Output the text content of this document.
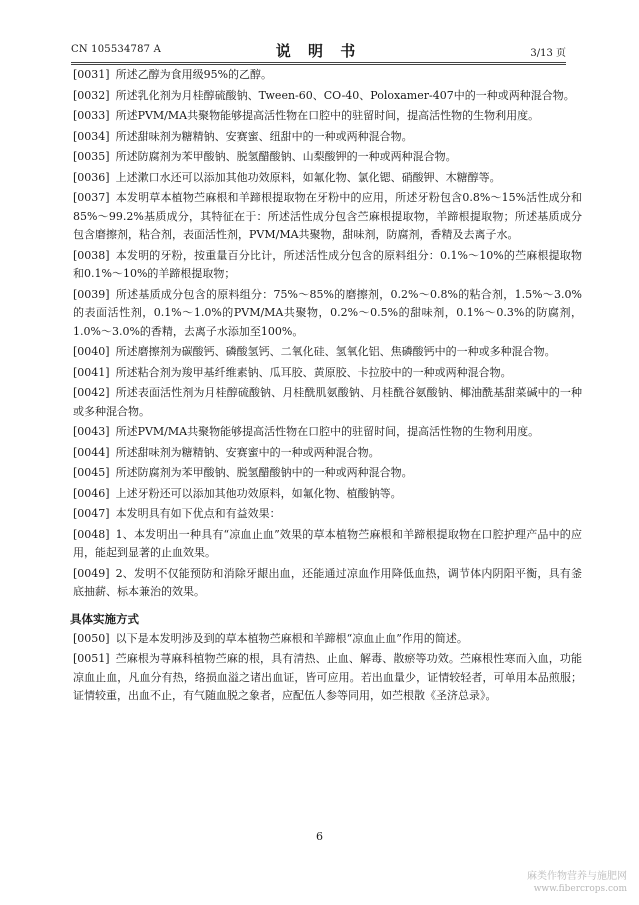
CN 105534787 A	说 明 书	3/13 页
[0031] 所述乙醇为食用级95%的乙醇。
[0032] 所述乳化剂为月桂醇硫酸钠、Tween-60、CO-40、Poloxamer-407中的一种或两种混合物。
[0033] 所述PVM/MA共聚物能够提高活性物在口腔中的驻留时间，提高活性物的生物利用度。
[0034] 所述甜味剂为糖精钠、安赛蜜、纽甜中的一种或两种混合物。
[0035] 所述防腐剂为苯甲酸钠、脱氢醋酸钠、山梨酸钾的一种或两种混合物。
[0036] 上述漱口水还可以添加其他功效原料，如氟化物、氯化锶、硝酸钾、木糖醇等。
[0037] 本发明草本植物苎麻根和羊蹄根提取物在牙粉中的应用，所述牙粉包含0.8%～15%活性成分和85%～99.2%基质成分，其特征在于：所述活性成分包含苎麻根提取物，羊蹄根提取物；所述基质成分包含磨擦剂，粘合剂，表面活性剂，PVM/MA共聚物，甜味剂，防腐剂，香精及去离子水。
[0038] 本发明的牙粉，按重量百分比计，所述活性成分包含的原料组分：0.1%～10%的苎麻根提取物和0.1%～10%的羊蹄根提取物；
[0039] 所述基质成分包含的原料组分：75%～85%的磨擦剂，0.2%～0.8%的粘合剂，1.5%～3.0%的表面活性剂，0.1%～1.0%的PVM/MA共聚物，0.2%～0.5%的甜味剂，0.1%～0.3%的防腐剂，1.0%～3.0%的香精，去离子水添加至100%。
[0040] 所述磨擦剂为碳酸钙、磷酸氢钙、二氧化硅、氢氧化铝、焦磷酸钙中的一种或多种混合物。
[0041] 所述粘合剂为羧甲基纤维素钠、瓜耳胶、黄原胶、卡拉胶中的一种或两种混合物。
[0042] 所述表面活性剂为月桂醇硫酸钠、月桂酰肌氨酸钠、月桂酰谷氨酸钠、椰油酰基甜菜碱中的一种或多种混合物。
[0043] 所述PVM/MA共聚物能够提高活性物在口腔中的驻留时间，提高活性物的生物利用度。
[0044] 所述甜味剂为糖精钠、安赛蜜中的一种或两种混合物。
[0045] 所述防腐剂为苯甲酸钠、脱氢醋酸钠中的一种或两种混合物。
[0046] 上述牙粉还可以添加其他功效原料，如氟化物、植酸钠等。
[0047] 本发明具有如下优点和有益效果：
[0048] 1、本发明出一种具有“凉血止血”效果的草本植物苎麻根和羊蹄根提取物在口腔护理产品中的应用，能起到显著的止血效果。
[0049] 2、发明不仅能预防和消除牙龈出血，还能通过凉血作用降低血热，调节体内阴阳平衡，具有釜底抽薪、标本兼治的效果。
具体实施方式
[0050] 以下是本发明涉及到的草本植物苎麻根和羊蹄根“凉血止血”作用的简述。
[0051] 苎麻根为荨麻科植物苎麻的根，具有清热、止血、解毒、散瘀等功效。苎麻根性寒而入血，功能凉血止血，凡血分有热，络损血溢之诸出血证，皆可应用。若出血量少，证情较轻者，可单用本品煎服；证情较重，出血不止，有气随血脱之象者，应配伍人参等同用，如苎根散《圣济总录》。
6
麻类作物营养与施肥网
www.fibercrops.com
